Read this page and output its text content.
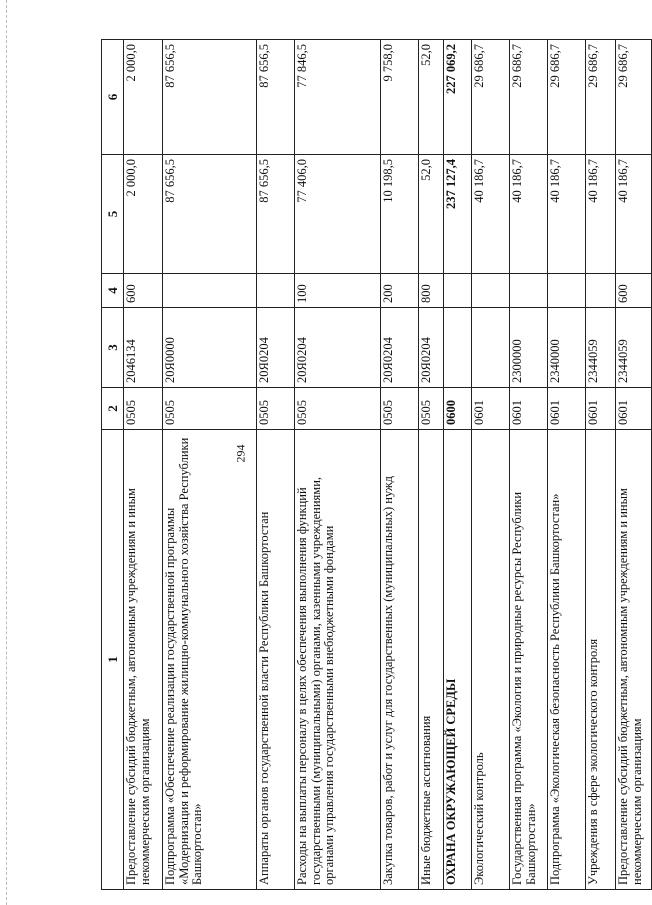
294
1	2	3	4	5	6
Предоставление субсидий бюджетным, автономным учреждениям и иным некоммерческим организациям	0505	2046134	600	2 000,0	2 000,0
Подпрограмма «Обеспечение реализации государственной программы «Модернизация и реформирование жилищно-коммунального хозяйства Республики Башкортостан»	0505	20Я0000		87 656,5	87 656,5
Аппараты органов государственной власти Республики Башкортостан	0505	20Я0204		87 656,5	87 656,5
Расходы на выплаты персоналу в целях обеспечения выполнения функций государственными (муниципальными) органами, казенными учреждениями, органами управления государственными внебюджетными фондами	0505	20Я0204	100	77 406,0	77 846,5
Закупка товаров, работ и услуг для государственных (муниципальных) нужд	0505	20Я0204	200	10 198,5	9 758,0
Иные бюджетные ассигнования	0505	20Я0204	800	52,0	52,0
ОХРАНА ОКРУЖАЮЩЕЙ СРЕДЫ	0600			237 127,4	227 069,2
Экологический контроль	0601			40 186,7	29 686,7
Государственная программа «Экология и природные ресурсы Республики Башкортостан»	0601	2300000		40 186,7	29 686,7
Подпрограмма «Экологическая безопасность Республики Башкортостан»	0601	2340000		40 186,7	29 686,7
Учреждения в сфере экологического контроля	0601	2344059		40 186,7	29 686,7
Предоставление субсидий бюджетным, автономным учреждениям и иным некоммерческим организациям	0601	2344059	600	40 186,7	29 686,7
